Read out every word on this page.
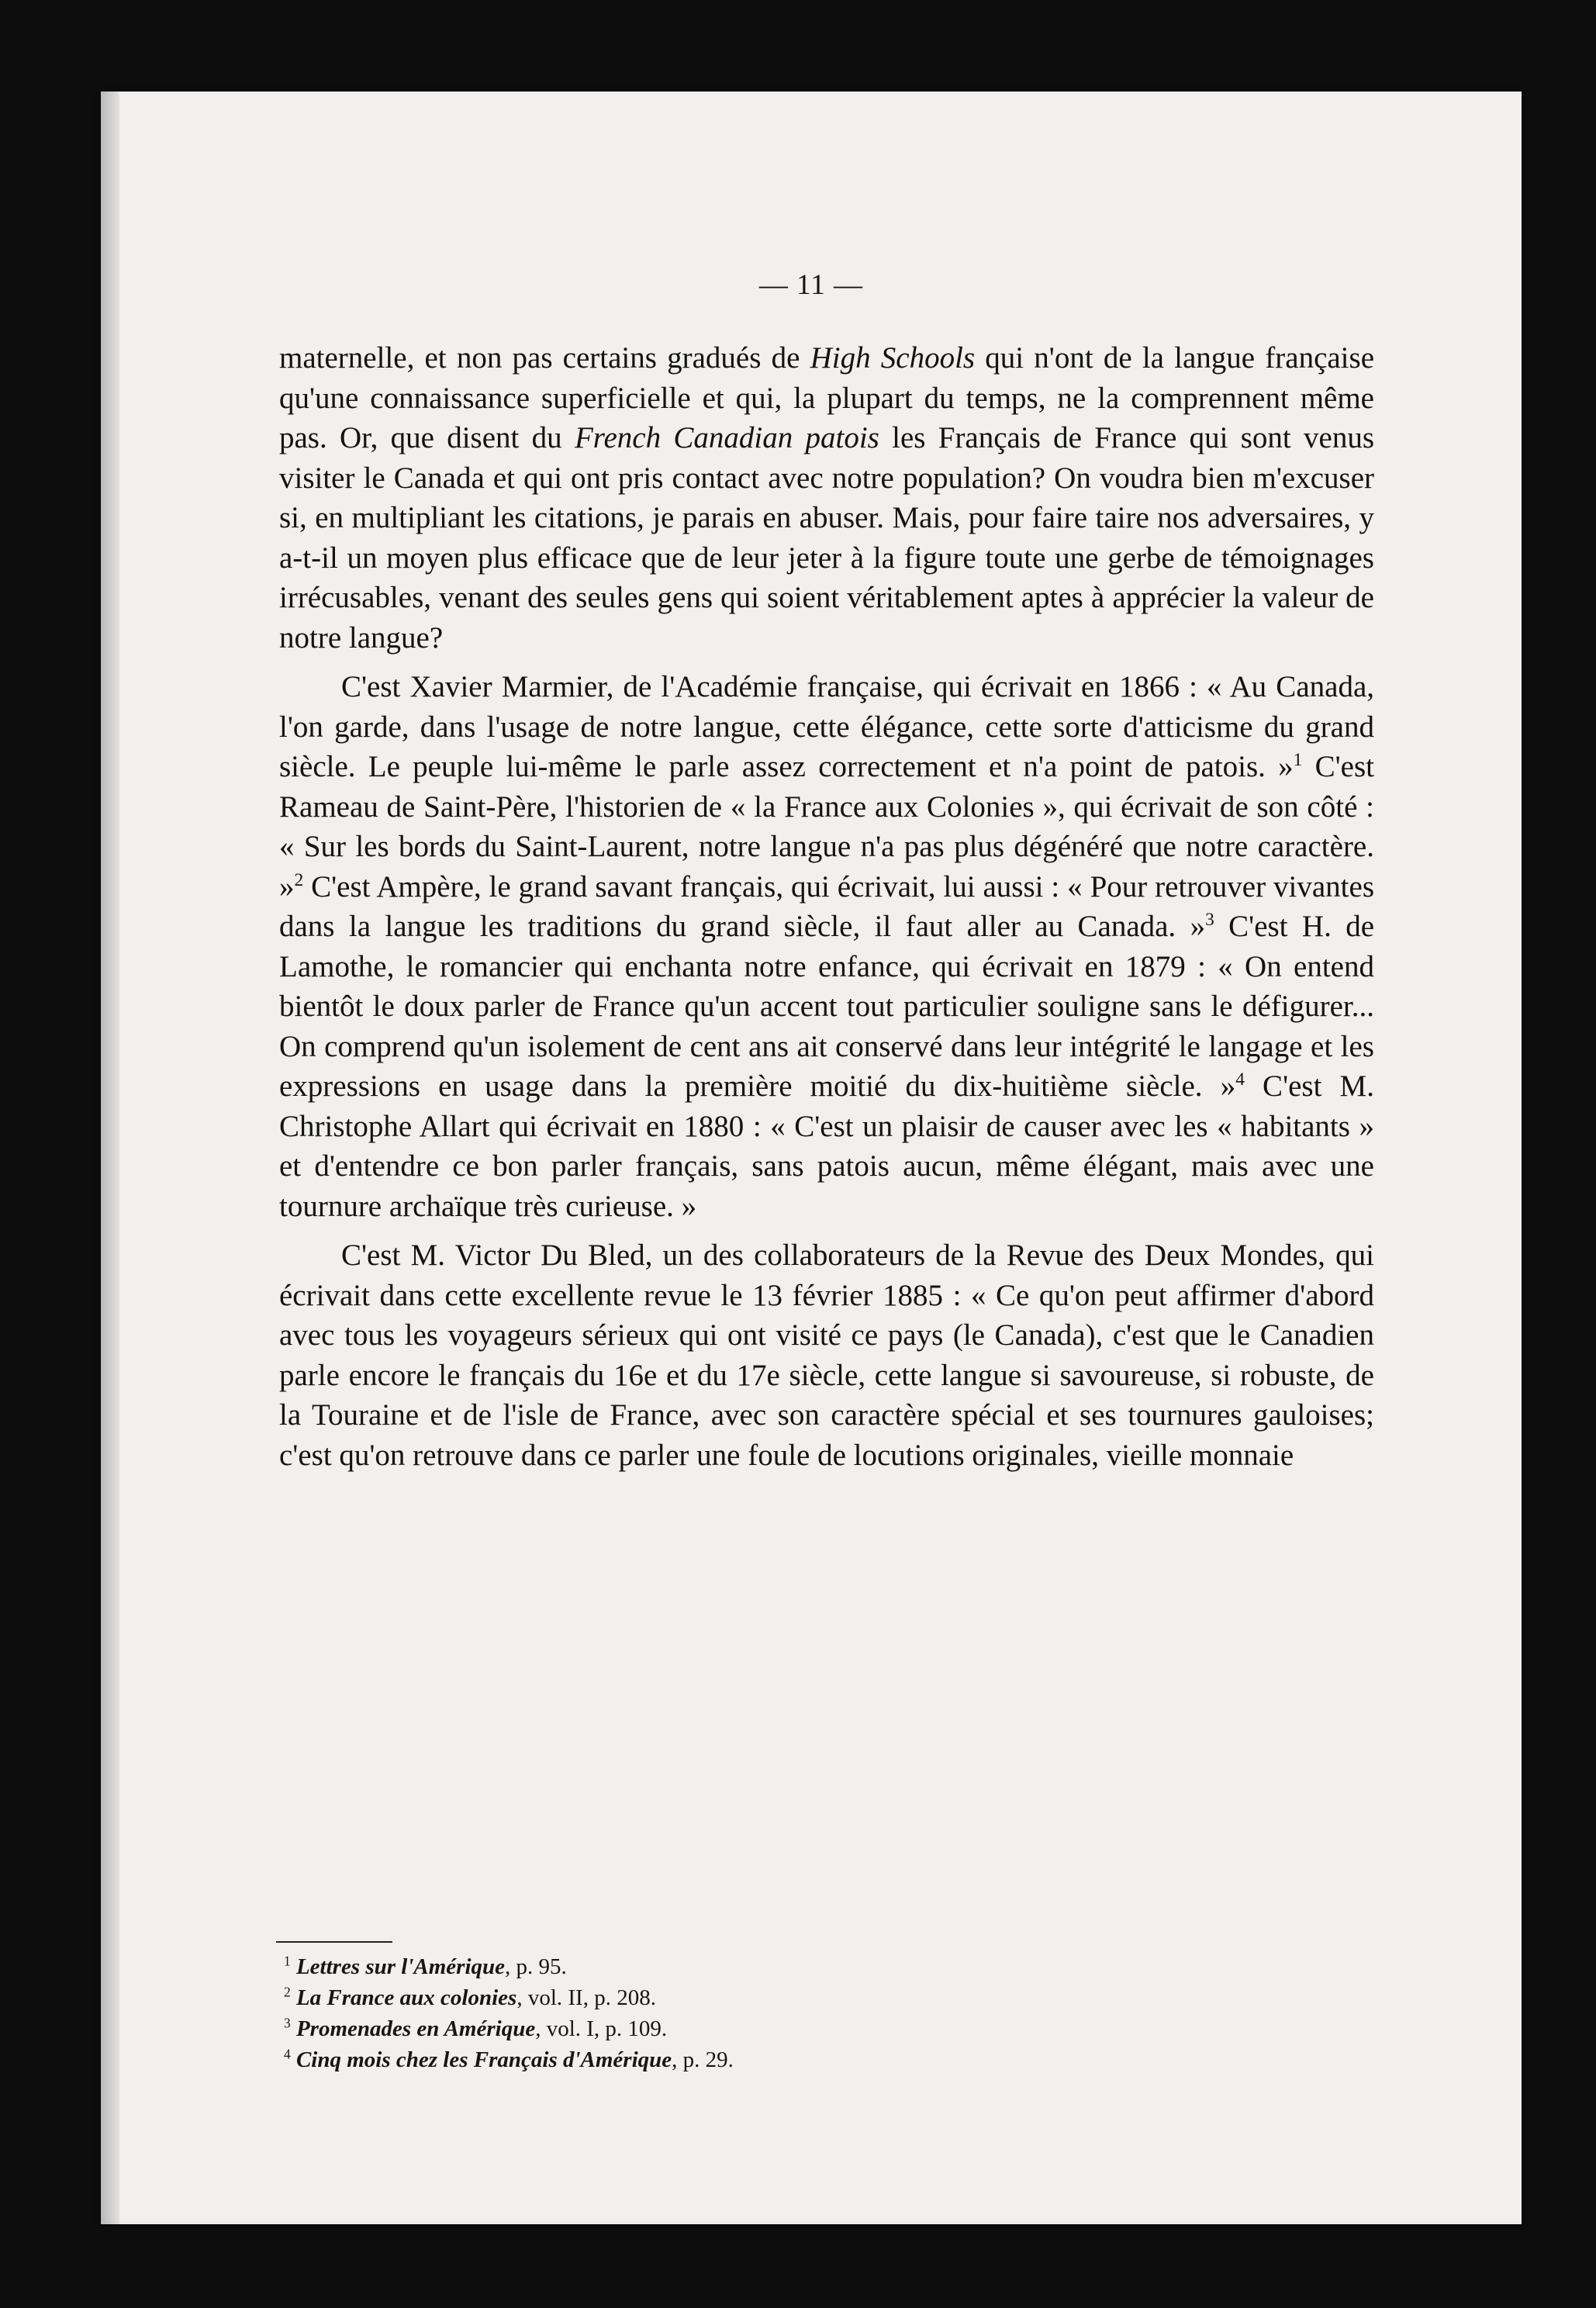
— 11 —

maternelle, et non pas certains gradués de High Schools qui n'ont de la langue française qu'une connaissance superficielle et qui, la plupart du temps, ne la comprennent même pas. Or, que disent du French Canadian patois les Français de France qui sont venus visiter le Canada et qui ont pris contact avec notre population? On voudra bien m'excuser si, en multipliant les citations, je parais en abuser. Mais, pour faire taire nos adversaires, y a-t-il un moyen plus efficace que de leur jeter à la figure toute une gerbe de témoignages irrécusables, venant des seules gens qui soient véritablement aptes à apprécier la valeur de notre langue?

C'est Xavier Marmier, de l'Académie française, qui écrivait en 1866 : « Au Canada, l'on garde, dans l'usage de notre langue, cette élégance, cette sorte d'atticisme du grand siècle. Le peuple lui-même le parle assez correctement et n'a point de patois. »$^1$ C'est Rameau de Saint-Père, l'historien de « la France aux Colonies », qui écrivait de son côté : « Sur les bords du Saint-Laurent, notre langue n'a pas plus dégénéré que notre caractère. »$^2$ C'est Ampère, le grand savant français, qui écrivait, lui aussi : « Pour retrouver vivantes dans la langue les traditions du grand siècle, il faut aller au Canada. »$^3$ C'est H. de Lamothe, le romancier qui enchanta notre enfance, qui écrivait en 1879 : « On entend bientôt le doux parler de France qu'un accent tout particulier souligne sans le défigurer... On comprend qu'un isolement de cent ans ait conservé dans leur intégrité le langage et les expressions en usage dans la première moitié du dix-huitième siècle. »$^4$ C'est M. Christophe Allart qui écrivait en 1880 : « C'est un plaisir de causer avec les « habitants » et d'entendre ce bon parler français, sans patois aucun, même élégant, mais avec une tournure archaïque très curieuse. »

C'est M. Victor Du Bled, un des collaborateurs de la Revue des Deux Mondes, qui écrivait dans cette excellente revue le 13 février 1885 : « Ce qu'on peut affirmer d'abord avec tous les voyageurs sérieux qui ont visité ce pays (le Canada), c'est que le Canadien parle encore le français du 16e et du 17e siècle, cette langue si savoureuse, si robuste, de la Touraine et de l'isle de France, avec son caractère spécial et ses tournures gauloises; c'est qu'on retrouve dans ce parler une foule de locutions originales, vieille monnaie

$^1$ Lettres sur l'Amérique, p. 95.
$^2$ La France aux colonies, vol. II, p. 208.
$^3$ Promenades en Amérique, vol. I, p. 109.
$^4$ Cinq mois chez les Français d'Amérique, p. 29.
